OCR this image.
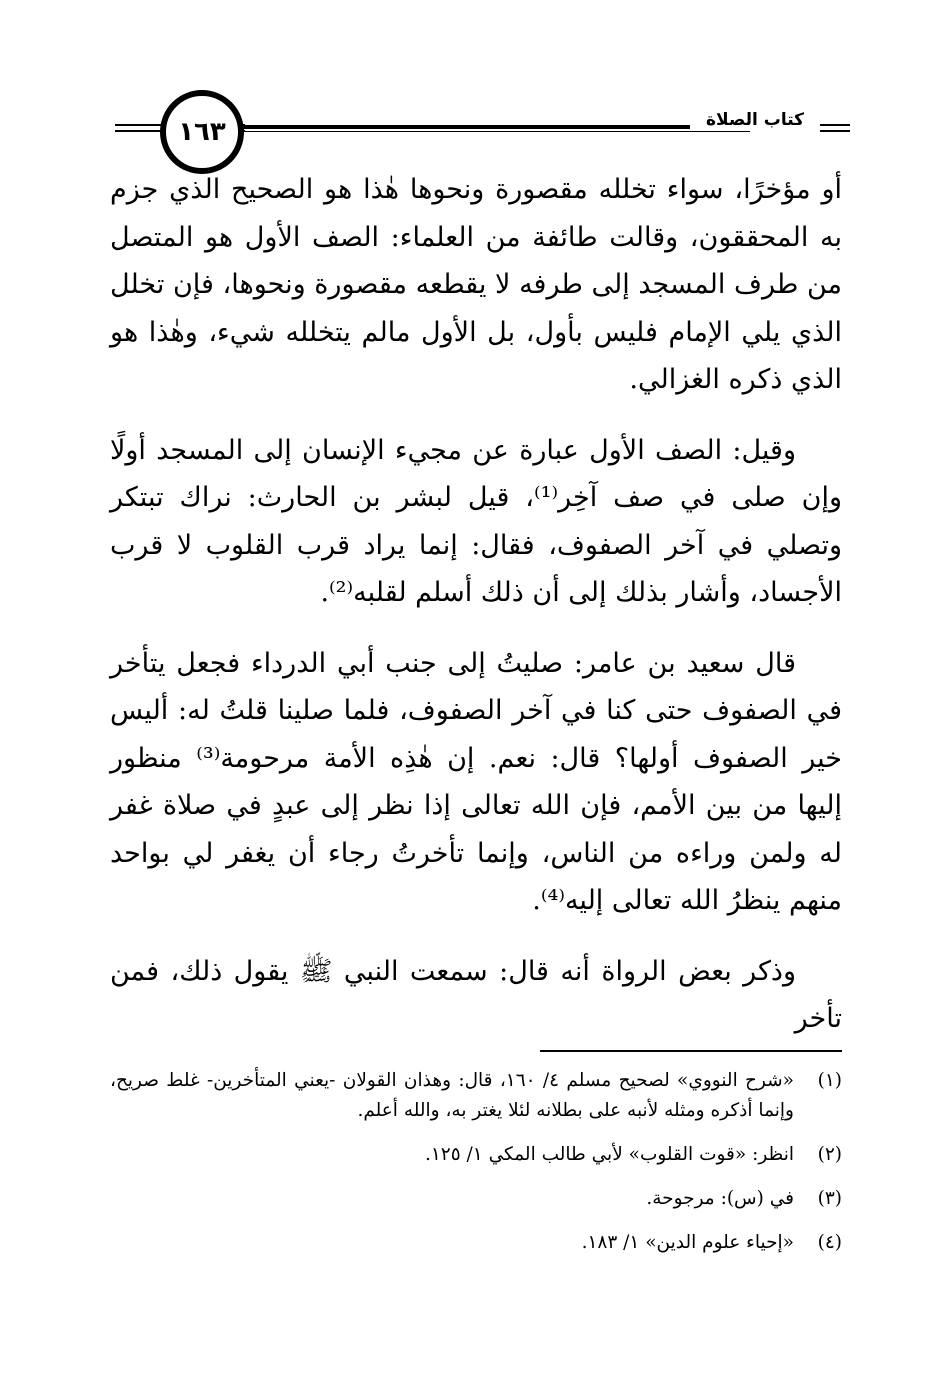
١٦٣	كتاب الصلاة

أو مؤخرًا، سواء تخلله مقصورة ونحوها هٰذا هو الصحيح الذي جزم به المحققون، وقالت طائفة من العلماء: الصف الأول هو المتصل من طرف المسجد إلى طرفه لا يقطعه مقصورة ونحوها، فإن تخلل الذي يلي الإمام فليس بأول، بل الأول مالم يتخلله شيء، وهٰذا هو الذي ذكره الغزالي.

وقيل: الصف الأول عبارة عن مجيء الإنسان إلى المسجد أولًا وإن صلى في صف آخِر⁽¹⁾، قيل لبشر بن الحارث: نراك تبتكر وتصلي في آخر الصفوف، فقال: إنما يراد قرب القلوب لا قرب الأجساد، وأشار بذلك إلى أن ذلك أسلم لقلبه⁽²⁾.

قال سعيد بن عامر: صليتُ إلى جنب أبي الدرداء فجعل يتأخر في الصفوف حتى كنا في آخر الصفوف، فلما صلينا قلتُ له: أليس خير الصفوف أولها؟ قال: نعم. إن هٰذِه الأمة مرحومة⁽³⁾ منظور إليها من بين الأمم، فإن الله تعالى إذا نظر إلى عبدٍ في صلاة غفر له ولمن وراءه من الناس، وإنما تأخرتُ رجاء أن يغفر لي بواحد منهم ينظرُ الله تعالى إليه⁽⁴⁾.

وذكر بعض الرواة أنه قال: سمعت النبي ﷺ يقول ذلك، فمن تأخر

(١)
«شرح النووي» لصحيح مسلم ٤/ ١٦٠، قال: وهذان القولان -يعني المتأخرين- غلط صريح، وإنما أذكره ومثله لأنبه على بطلانه لئلا يغتر به، والله أعلم.

(٢)
انظر: «قوت القلوب» لأبي طالب المكي ١/ ١٢٥.

(٣)
في (س): مرجوحة.

(٤)
«إحياء علوم الدين» ١/ ١٨٣.
